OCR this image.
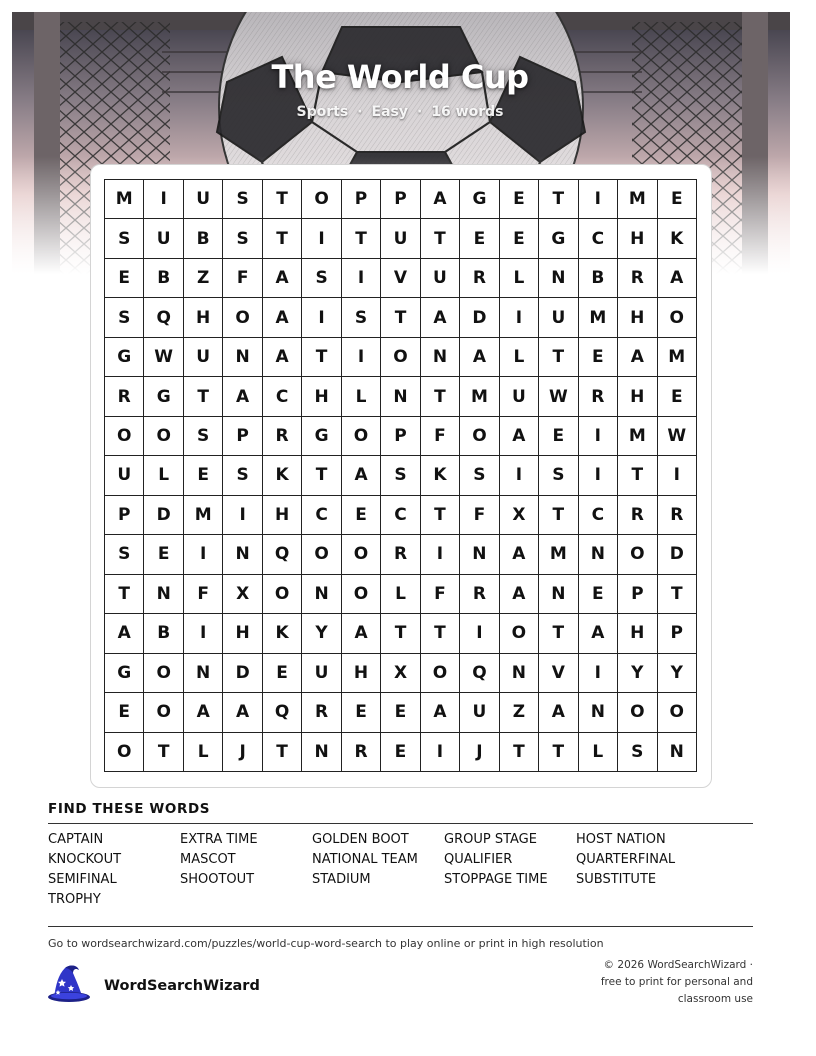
The World Cup
Sports · Easy · 16 words
M	I	U	S	T	O	P	P	A	G	E	T	I	M	E
S	U	B	S	T	I	T	U	T	E	E	G	C	H	K
E	B	Z	F	A	S	I	V	U	R	L	N	B	R	A
S	Q	H	O	A	I	S	T	A	D	I	U	M	H	O
G	W	U	N	A	T	I	O	N	A	L	T	E	A	M
R	G	T	A	C	H	L	N	T	M	U	W	R	H	E
O	O	S	P	R	G	O	P	F	O	A	E	I	M	W
U	L	E	S	K	T	A	S	K	S	I	S	I	T	I
P	D	M	I	H	C	E	C	T	F	X	T	C	R	R
S	E	I	N	Q	O	O	R	I	N	A	M	N	O	D
T	N	F	X	O	N	O	L	F	R	A	N	E	P	T
A	B	I	H	K	Y	A	T	T	I	O	T	A	H	P
G	O	N	D	E	U	H	X	O	Q	N	V	I	Y	Y
E	O	A	A	Q	R	E	E	A	U	Z	A	N	O	O
O	T	L	J	T	N	R	E	I	J	T	T	L	S	N
FIND THESE WORDS
CAPTAIN	EXTRA TIME	GOLDEN BOOT	GROUP STAGE	HOST NATION
KNOCKOUT	MASCOT	NATIONAL TEAM	QUALIFIER	QUARTERFINAL
SEMIFINAL	SHOOTOUT	STADIUM	STOPPAGE TIME	SUBSTITUTE
TROPHY
Go to wordsearchwizard.com/puzzles/world-cup-word-search to play online or print in high resolution
WordSearchWizard
© 2026 WordSearchWizard ·
free to print for personal and
classroom use
